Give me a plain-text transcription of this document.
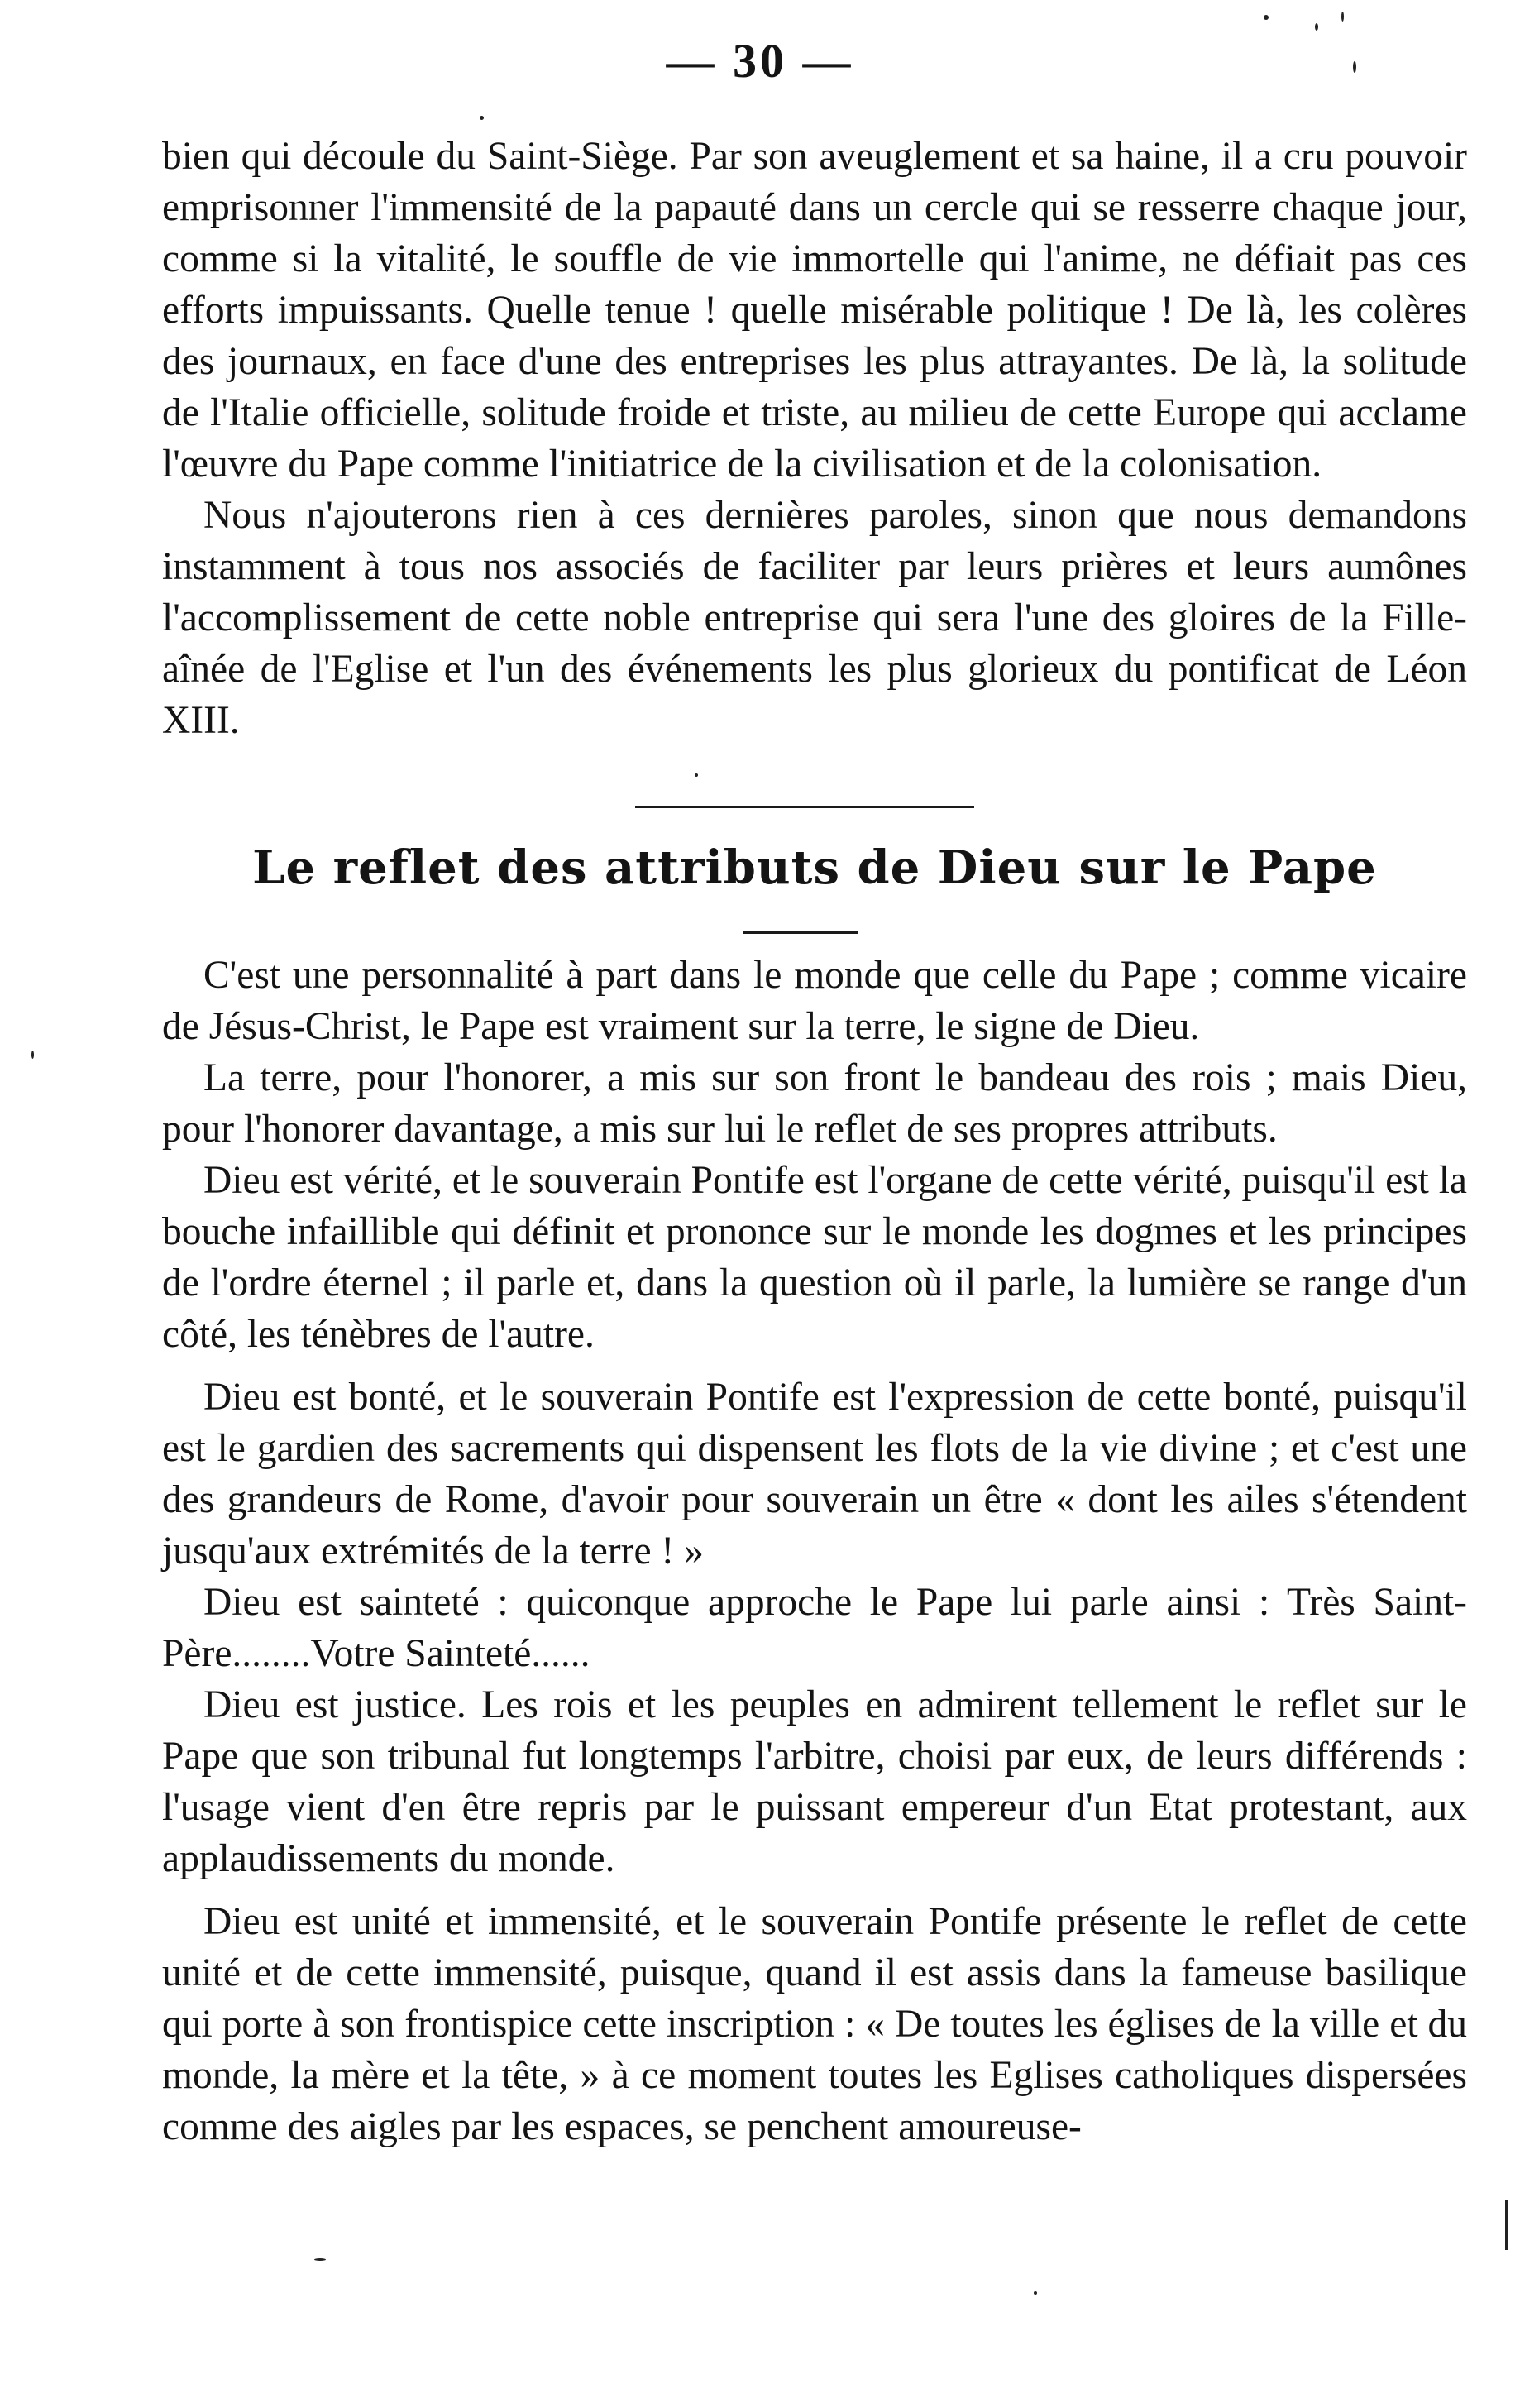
— 30 —

bien qui découle du Saint-Siège. Par son aveuglement et sa haine, il a cru pouvoir emprisonner l'immensité de la papauté dans un cercle qui se resserre chaque jour, comme si la vitalité, le souffle de vie immortelle qui l'anime, ne défiait pas ces efforts impuissants. Quelle tenue ! quelle misérable politique ! De là, les colères des journaux, en face d'une des entreprises les plus attrayantes. De là, la solitude de l'Italie officielle, solitude froide et triste, au milieu de cette Europe qui acclame l'œuvre du Pape comme l'initiatrice de la civilisation et de la colonisation.

Nous n'ajouterons rien à ces dernières paroles, sinon que nous demandons instamment à tous nos associés de faciliter par leurs prières et leurs aumônes l'accomplissement de cette noble entreprise qui sera l'une des gloires de la Fille-aînée de l'Eglise et l'un des événements les plus glorieux du pontificat de Léon XIII.

Le reflet des attributs de Dieu sur le Pape

C'est une personnalité à part dans le monde que celle du Pape ; comme vicaire de Jésus-Christ, le Pape est vraiment sur la terre, le signe de Dieu.

La terre, pour l'honorer, a mis sur son front le bandeau des rois ; mais Dieu, pour l'honorer davantage, a mis sur lui le reflet de ses propres attributs.

Dieu est vérité, et le souverain Pontife est l'organe de cette vérité, puisqu'il est la bouche infaillible qui définit et prononce sur le monde les dogmes et les principes de l'ordre éternel ; il parle et, dans la question où il parle, la lumière se range d'un côté, les ténèbres de l'autre.

Dieu est bonté, et le souverain Pontife est l'expression de cette bonté, puisqu'il est le gardien des sacrements qui dispensent les flots de la vie divine ; et c'est une des grandeurs de Rome, d'avoir pour souverain un être « dont les ailes s'étendent jusqu'aux extrémités de la terre ! »

Dieu est sainteté : quiconque approche le Pape lui parle ainsi : Très Saint-Père........Votre Sainteté......

Dieu est justice. Les rois et les peuples en admirent tellement le reflet sur le Pape que son tribunal fut longtemps l'arbitre, choisi par eux, de leurs différends : l'usage vient d'en être repris par le puissant empereur d'un Etat protestant, aux applaudissements du monde.

Dieu est unité et immensité, et le souverain Pontife présente le reflet de cette unité et de cette immensité, puisque, quand il est assis dans la fameuse basilique qui porte à son frontispice cette inscription : « De toutes les églises de la ville et du monde, la mère et la tête, » à ce moment toutes les Eglises catholiques dispersées comme des aigles par les espaces, se penchent amoureuse-
